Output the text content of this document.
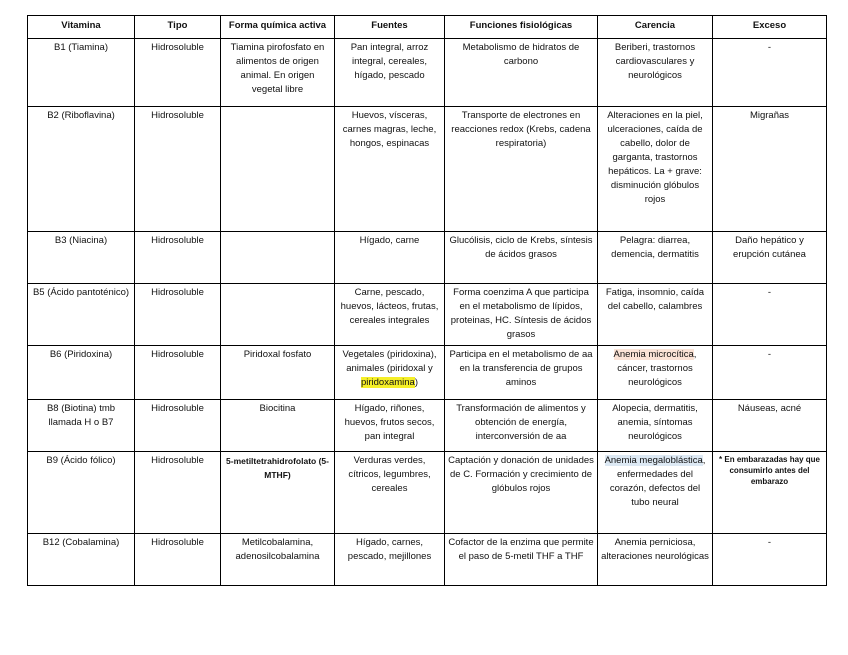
Vitamina	Tipo	Forma química activa	Fuentes	Funciones fisiológicas	Carencia	Exceso
B1 (Tiamina)	Hidrosoluble	Tiamina pirofosfato en alimentos de origen animal. En origen vegetal libre	Pan integral, arroz integral, cereales, hígado, pescado	Metabolismo de hidratos de carbono	Beriberi, trastornos cardiovasculares y neurológicos	-
B2 (Riboflavina)	Hidrosoluble		Huevos, vísceras, carnes magras, leche, hongos, espinacas	Transporte de electrones en reacciones redox (Krebs, cadena respiratoria)	Alteraciones en la piel, ulceraciones, caída de cabello, dolor de garganta, trastornos hepáticos. La + grave: disminución glóbulos rojos	Migrañas
B3 (Niacina)	Hidrosoluble		Hígado, carne	Glucólisis, ciclo de Krebs, síntesis de ácidos grasos	Pelagra: diarrea, demencia, dermatitis	Daño hepático y erupción cutánea
B5 (Ácido pantoténico)	Hidrosoluble		Carne, pescado, huevos, lácteos, frutas, cereales integrales	Forma coenzima A que participa en el metabolismo de lípidos, proteinas, HC. Síntesis de ácidos grasos	Fatiga, insomnio, caída del cabello, calambres	-
B6 (Piridoxina)	Hidrosoluble	Piridoxal fosfato	Vegetales (piridoxina), animales (piridoxal y piridoxamina)	Participa en el metabolismo de aa en la transferencia de grupos aminos	Anemia microcítica, cáncer, trastornos neurológicos	-
B8 (Biotina) tmb llamada H o B7	Hidrosoluble	Biocitina	Hígado, riñones, huevos, frutos secos, pan integral	Transformación de alimentos y obtención de energía, interconversión de aa	Alopecia, dermatitis, anemia, síntomas neurológicos	Náuseas, acné
B9 (Ácido fólico)	Hidrosoluble	5-metiltetrahidrofolato (5-MTHF)	Verduras verdes, cítricos, legumbres, cereales	Captación y donación de unidades de C. Formación y crecimiento de glóbulos rojos	Anemia megaloblástica, enfermedades del corazón, defectos del tubo neural	* En embarazadas hay que consumirlo antes del embarazo
B12 (Cobalamina)	Hidrosoluble	Metilcobalamina, adenosilcobalamina	Hígado, carnes, pescado, mejillones	Cofactor de la enzima que permite el paso de 5-metil THF a THF	Anemia perniciosa, alteraciones neurológicas	-
